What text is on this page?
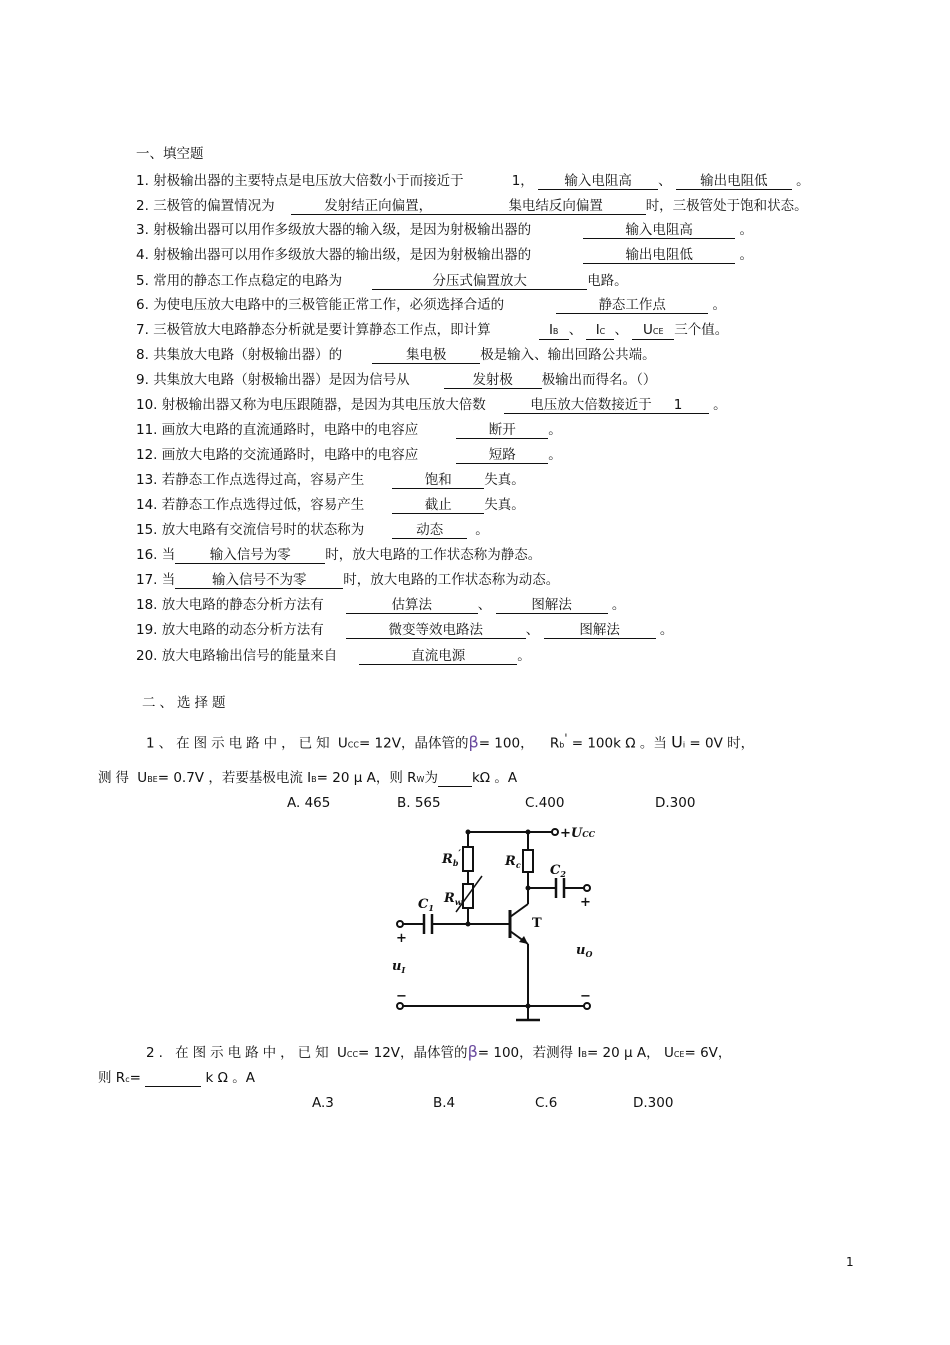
一、填空题
1. 射极输出器的主要特点是电压放大倍数小于而接近于	1， 输入电阻高 、 输出电阻低 。
2. 三极管的偏置情况为	发射结正向偏置，	集电结反向偏置	时，三极管处于饱和状态。
3. 射极输出器可以用作多级放大器的输入级，是因为射极输出器的	输入电阻高	。
4. 射极输出器可以用作多级放大器的输出级，是因为射极输出器的	输出电阻低	。
5. 常用的静态工作点稳定的电路为	分压式偏置放大	电路。
6. 为使电压放大电路中的三极管能正常工作，必须选择合适的	静态工作点	。
7. 三极管放大电路静态分析就是要计算静态工作点，即计算	IB 、 IC 、 UCE 三个值。
8. 共集放大电路（射极输出器）的	集电极	极是输入、输出回路公共端。
9. 共集放大电路（射极输出器）是因为信号从	发射极 极输出而得名。（）
10. 射极输出器又称为电压跟随器，是因为其电压放大倍数	电压放大倍数接近于 1 。
11. 画放大电路的直流通路时，电路中的电容应	断开 。
12. 画放大电路的交流通路时，电路中的电容应	短路 。
13. 若静态工作点选得过高，容易产生	饱和 失真。
14. 若静态工作点选得过低，容易产生	截止 失真。
15. 放大电路有交流信号时的状态称为	动态 。
16. 当	输入信号为零	时，放大电路的工作状态称为静态。
17. 当	输入信号不为零	时，放大电路的工作状态称为动态。
18. 放大电路的静态分析方法有	估算法	、	图解法	。
19. 放大电路的动态分析方法有	微变等效电路法	、	图解法	。
20. 放大电路输出信号的能量来自	直流电源	。
二、选择题
1、在图示电路中，已知 UCC= 12V，晶体管的β= 100， Rb' = 100k Ω 。当 Ui = 0V 时，
测得 UBE= 0.7V ，若要基极电流 IB= 20 μ A，则 RW为	kΩ 。A
A. 465	B. 565	C.400	D.300
+UCC
$R_b'$
$R_w$
$R_c$ $C_2$
$C_1$
T
$u_I$
$u_O$
+
+
−	−
2. 在图示电路中，已知 UCC= 12V，晶体管的β= 100，若测得 IB= 20 μ A， UCE= 6V，
则 Rc=	k Ω 。A
A.3	B.4	C.6	D.300
1
